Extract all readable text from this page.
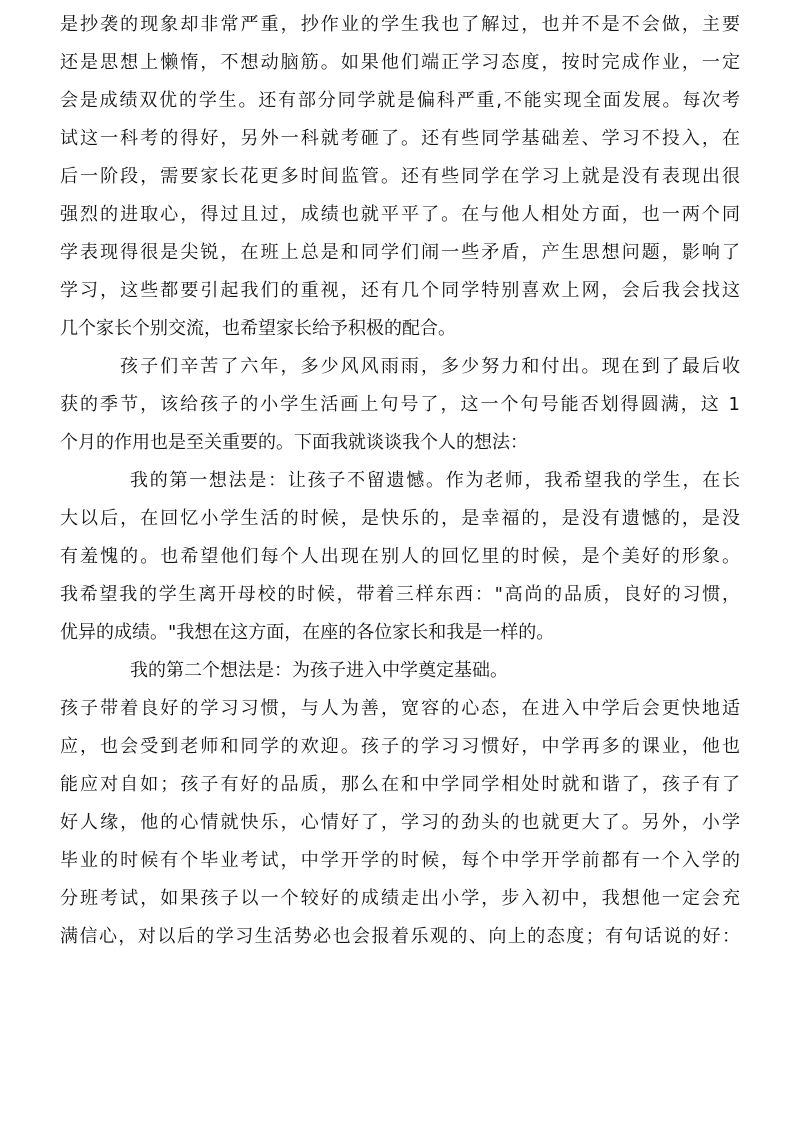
是抄袭的现象却非常严重，抄作业的学生我也了解过，也并不是不会做，主要
还是思想上懒惰，不想动脑筋。如果他们端正学习态度，按时完成作业，一定
会是成绩双优的学生。还有部分同学就是偏科严重,不能实现全面发展。每次考
试这一科考的得好，另外一科就考砸了。还有些同学基础差、学习不投入，在
后一阶段，需要家长花更多时间监管。还有些同学在学习上就是没有表现出很
强烈的进取心，得过且过，成绩也就平平了。在与他人相处方面，也一两个同
学表现得很是尖锐，在班上总是和同学们闹一些矛盾，产生思想问题，影响了
学习，这些都要引起我们的重视，还有几个同学特别喜欢上网，会后我会找这
几个家长个别交流，也希望家长给予积极的配合。
孩子们辛苦了六年，多少风风雨雨，多少努力和付出。现在到了最后收
获的季节，该给孩子的小学生活画上句号了，这一个句号能否划得圆满，这 1
个月的作用也是至关重要的。下面我就谈谈我个人的想法：
我的第一想法是：让孩子不留遗憾。作为老师，我希望我的学生，在长
大以后，在回忆小学生活的时候，是快乐的，是幸福的，是没有遗憾的，是没
有羞愧的。也希望他们每个人出现在别人的回忆里的时候，是个美好的形象。
我希望我的学生离开母校的时候，带着三样东西："高尚的品质，良好的习惯，
优异的成绩。"我想在这方面，在座的各位家长和我是一样的。
我的第二个想法是：为孩子进入中学奠定基础。
孩子带着良好的学习习惯，与人为善，宽容的心态，在进入中学后会更快地适
应，也会受到老师和同学的欢迎。孩子的学习习惯好，中学再多的课业，他也
能应对自如；孩子有好的品质，那么在和中学同学相处时就和谐了，孩子有了
好人缘，他的心情就快乐，心情好了，学习的劲头的也就更大了。另外，小学
毕业的时候有个毕业考试，中学开学的时候，每个中学开学前都有一个入学的
分班考试，如果孩子以一个较好的成绩走出小学，步入初中，我想他一定会充
满信心，对以后的学习生活势必也会报着乐观的、向上的态度；有句话说的好：
